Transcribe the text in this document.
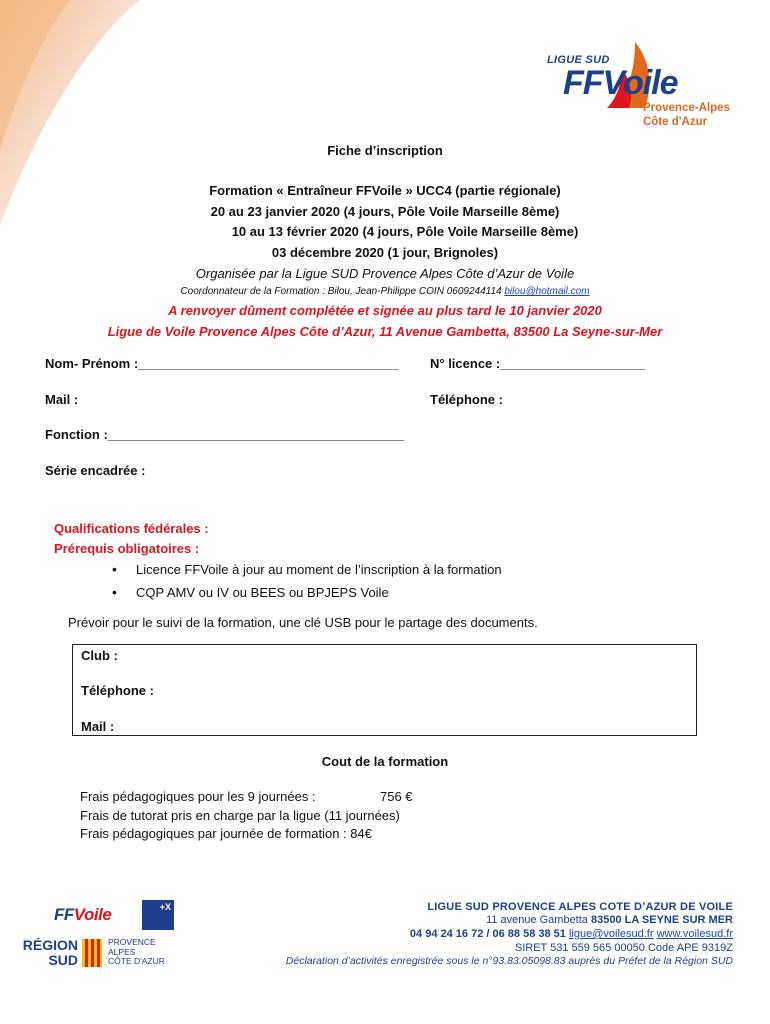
LIGUE SUD
FFVoile
Provence-Alpes
Côte d'Azur
Fiche d’inscription
Formation « Entraîneur FFVoile » UCC4 (partie régionale)
20 au 23 janvier 2020 (4 jours, Pôle Voile Marseille 8ème)
10 au 13 février 2020 (4 jours, Pôle Voile Marseille 8ème)
03 décembre 2020 (1 jour, Brignoles)
Organisée par la Ligue SUD Provence Alpes Côte d’Azur de Voile
Coordonnateur de la Formation : Bilou, Jean-Philippe COIN 0609244114 bilou@hotmail.com
A renvoyer dûment complétée et signée au plus tard le 10 janvier 2020
Ligue de Voile Provence Alpes Côte d’Azur, 11 Avenue Gambetta, 83500 La Seyne-sur-Mer
Nom- Prénom :____________________________________ N° licence :____________________
Mail :	Téléphone :
Fonction :_________________________________________
Série encadrée :
Qualifications fédérales :
Prérequis obligatoires :
• Licence FFVoile à jour au moment de l’inscription à la formation
• CQP AMV ou IV ou BEES ou BPJEPS Voile
Prévoir pour le suivi de la formation, une clé USB pour le partage des documents.
Club :
Téléphone :
Mail :
Cout de la formation
Frais pédagogiques pour les 9 journées :	756 €
Frais de tutorat pris en charge par la ligue (11 journées)
Frais pédagogiques par journée de formation : 84€
FFVoile	+X
RÉGION
SUD
PROVENCE
ALPES
CÔTE D'AZUR
LIGUE SUD PROVENCE ALPES COTE D’AZUR DE VOILE
11 avenue Gambetta 83500 LA SEYNE SUR MER
04 94 24 16 72 / 06 88 58 38 51 ligue@voilesud.fr www.voilesud.fr
SIRET 531 559 565 00050 Code APE 9319Z
Déclaration d’activités enregistrée sous le n°93.83.05098.83 auprès du Préfet de la Région SUD
